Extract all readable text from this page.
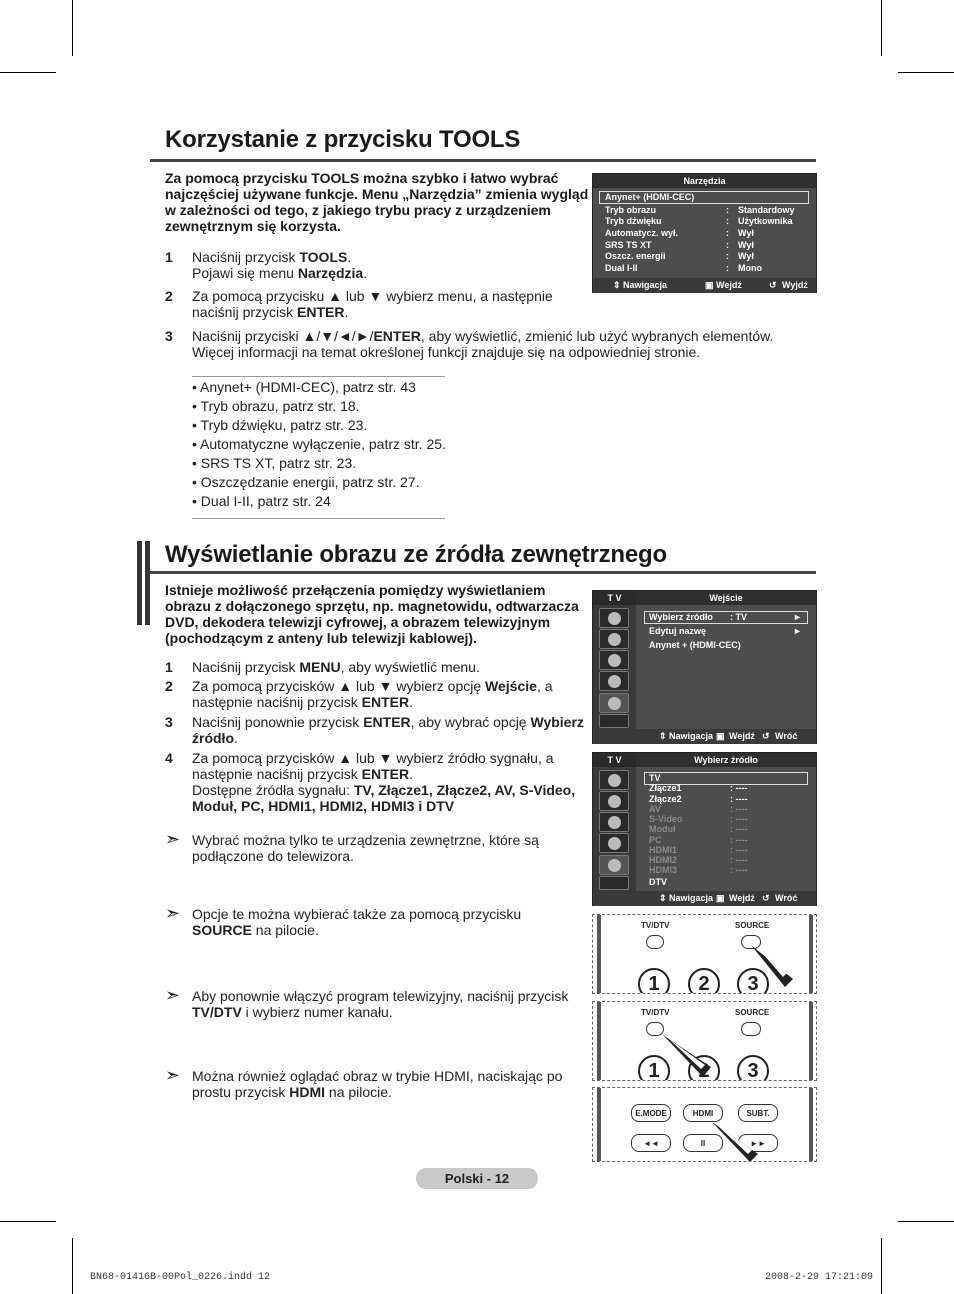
Korzystanie z przycisku TOOLS
Za pomocą przycisku TOOLS można szybko i łatwo wybrać najczęściej używane funkcje. Menu „Narzędzia” zmienia wygląd w zależności od tego, z jakiego trybu pracy z urządzeniem zewnętrznym się korzysta.
1 Naciśnij przycisk TOOLS.
Pojawi się menu Narzędzia.
2 Za pomocą przycisku ▲ lub ▼ wybierz menu, a następnie naciśnij przycisk ENTER.
3 Naciśnij przyciski ▲/▼/◄/►/ENTER, aby wyświetlić, zmienić lub użyć wybranych elementów. Więcej informacji na temat określonej funkcji znajduje się na odpowiedniej stronie.
• Anynet+ (HDMI-CEC), patrz str. 43
• Tryb obrazu, patrz str. 18.
• Tryb dźwięku, patrz str. 23.
• Automatyczne wyłączenie, patrz str. 25.
• SRS TS XT, patrz str. 23.
• Oszczędzanie energii, patrz str. 27.
• Dual I-II, patrz str. 24
Narzędzia
Anynet+ (HDMI-CEC)
Tryb obrazu	: Standardowy
Tryb dźwięku	: Użytkownika
Automatycz. wył.	: Wył
SRS TS XT	: Wył
Oszcz. energii	: Wył
Dual I-II	: Mono
⇕ Nawigacja	▣ Wejdź	↺ Wyjdź
Wyświetlanie obrazu ze źródła zewnętrznego
Istnieje możliwość przełączenia pomiędzy wyświetlaniem obrazu z dołączonego sprzętu, np. magnetowidu, odtwarzacza DVD, dekodera telewizji cyfrowej, a obrazem telewizyjnym (pochodzącym z anteny lub telewizji kablowej).
1 Naciśnij przycisk MENU, aby wyświetlić menu.
2 Za pomocą przycisków ▲ lub ▼ wybierz opcję Wejście, a następnie naciśnij przycisk ENTER.
3 Naciśnij ponownie przycisk ENTER, aby wybrać opcję Wybierz źródło.
4 Za pomocą przycisków ▲ lub ▼ wybierz źródło sygnału, a następnie naciśnij przycisk ENTER.
Dostępne źródła sygnału: TV, Złącze1, Złącze2, AV, S-Video, Moduł, PC, HDMI1, HDMI2, HDMI3 i DTV
➣ Wybrać można tylko te urządzenia zewnętrzne, które są podłączone do telewizora.
➣ Opcje te można wybierać także za pomocą przycisku SOURCE na pilocie.
➣ Aby ponownie włączyć program telewizyjny, naciśnij przycisk TV/DTV i wybierz numer kanału.
➣ Można również oglądać obraz w trybie HDMI, naciskając po prostu przycisk HDMI na pilocie.
Wejście
T V
Wybierz źródło : TV	►
Edytuj nazwę	►
Anynet + (HDMI-CEC)
⇕ Nawigacja ▣ Wejdź ↺ Wróć
Wybierz źródło
T V
TV
Złącze1	: ----
Złącze2	: ----
AV	: ----
S-Video	: ----
Moduł	: ----
PC	: ----
HDMI1	: ----
HDMI2	: ----
HDMI3	: ----
DTV
⇕ Nawigacja ▣ Wejdź ↺ Wróć
TV/DTV	SOURCE
1	2	3
TV/DTV	SOURCE
1	3
E.MODE	HDMI	SUBT.
◄◄	II	►►
Polski - 12
BN68-01416B-00Pol_0226.indd 12	2008-2-29 17:21:09
